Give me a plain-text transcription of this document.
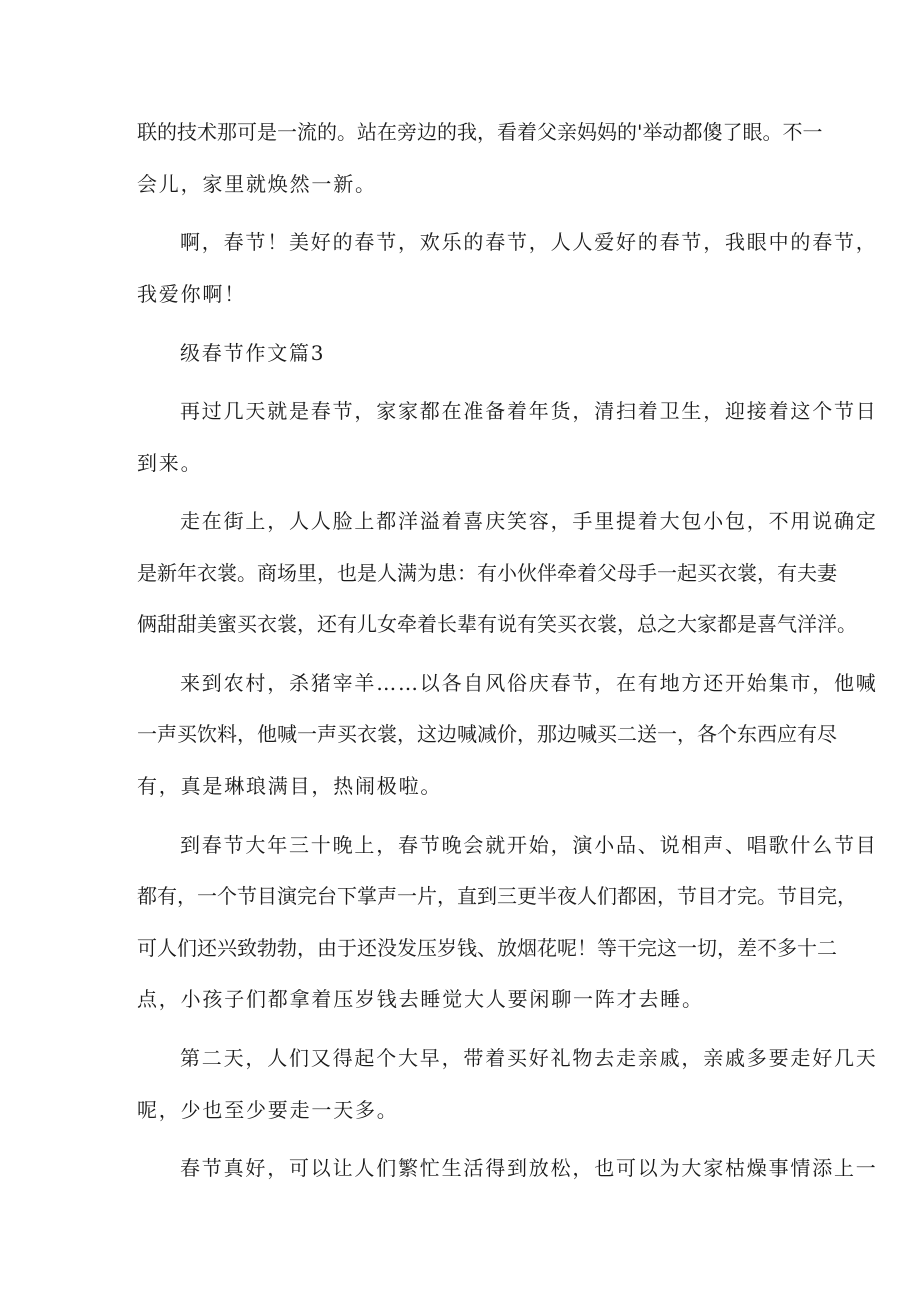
联的技术那可是一流的。站在旁边的我，看着父亲妈妈的'举动都傻了眼。不一
会儿，家里就焕然一新。
啊，春节！美好的春节，欢乐的春节，人人爱好的春节，我眼中的春节，
我爱你啊！
级春节作文篇3
再过几天就是春节，家家都在准备着年货，清扫着卫生，迎接着这个节日
到来。
走在街上，人人脸上都洋溢着喜庆笑容，手里提着大包小包，不用说确定
是新年衣裳。商场里，也是人满为患：有小伙伴牵着父母手一起买衣裳，有夫妻
俩甜甜美蜜买衣裳，还有儿女牵着长辈有说有笑买衣裳，总之大家都是喜气洋洋。
来到农村，杀猪宰羊……以各自风俗庆春节，在有地方还开始集市，他喊
一声买饮料，他喊一声买衣裳，这边喊减价，那边喊买二送一，各个东西应有尽
有，真是琳琅满目，热闹极啦。
到春节大年三十晚上，春节晚会就开始，演小品、说相声、唱歌什么节目
都有，一个节目演完台下掌声一片，直到三更半夜人们都困，节目才完。节目完，
可人们还兴致勃勃，由于还没发压岁钱、放烟花呢！等干完这一切，差不多十二
点，小孩子们都拿着压岁钱去睡觉大人要闲聊一阵才去睡。
第二天，人们又得起个大早，带着买好礼物去走亲戚，亲戚多要走好几天
呢，少也至少要走一天多。
春节真好，可以让人们繁忙生活得到放松，也可以为大家枯燥事情添上一
